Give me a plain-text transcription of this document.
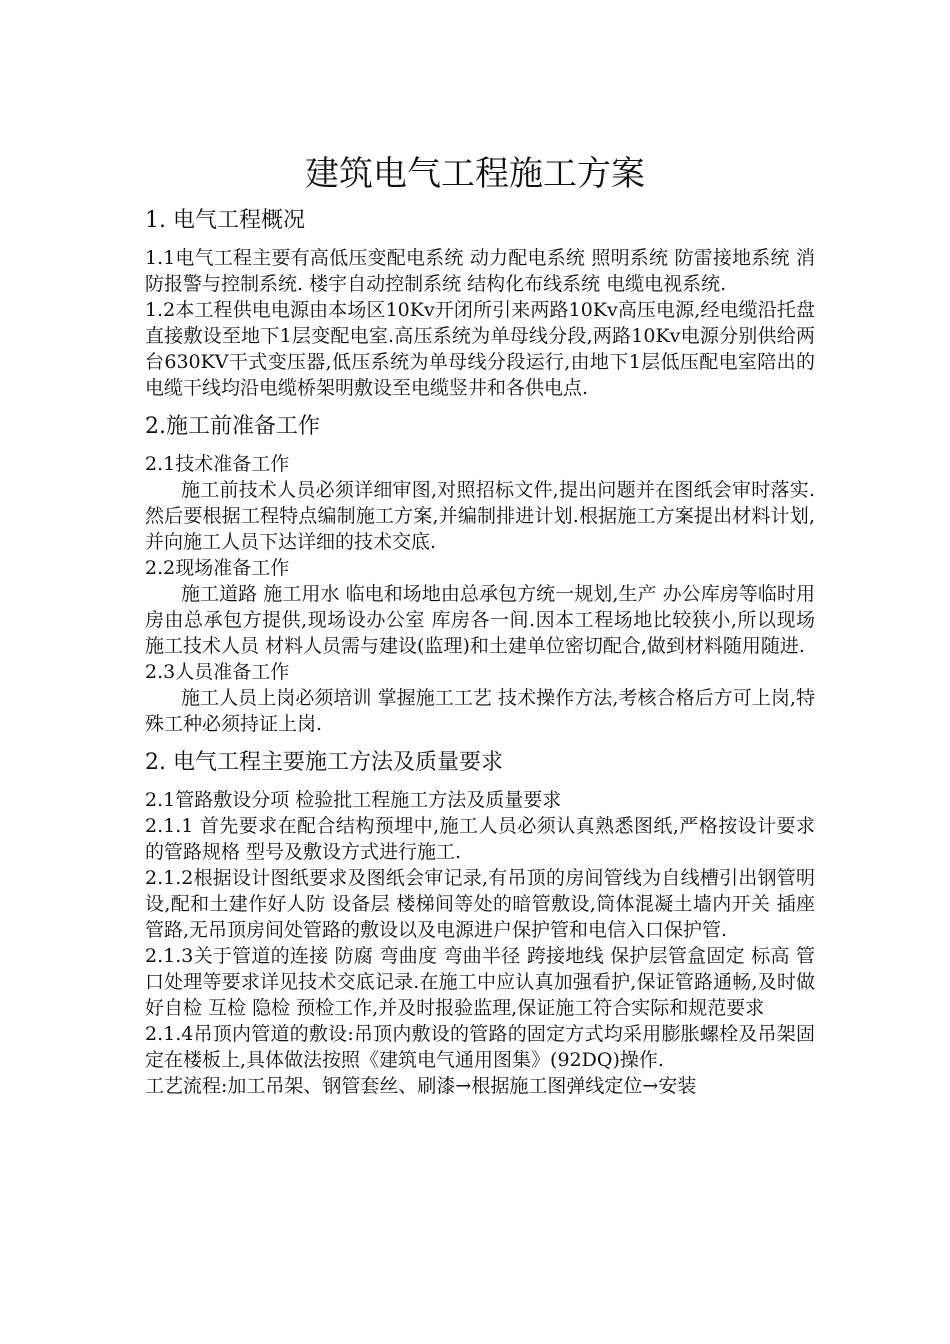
建筑电气工程施工方案
1. 电气工程概况

1.1电气工程主要有高低压变配电系统 动力配电系统 照明系统 防雷接地系统 消防报警与控制系统. 楼宇自动控制系统 结构化布线系统 电缆电视系统.

1.2本工程供电电源由本场区10Kv开闭所引来两路10Kv高压电源,经电缆沿托盘直接敷设至地下1层变配电室.高压系统为单母线分段,两路10Kv电源分别供给两台630KV干式变压器,低压系统为单母线分段运行,由地下1层低压配电室陪出的电缆干线均沿电缆桥架明敷设至电缆竖井和各供电点.

2.施工前准备工作

2.1技术准备工作

施工前技术人员必须详细审图,对照招标文件,提出问题并在图纸会审时落实.然后要根据工程特点编制施工方案,并编制排进计划.根据施工方案提出材料计划,并向施工人员下达详细的技术交底.

2.2现场准备工作

施工道路 施工用水 临电和场地由总承包方统一规划,生产 办公库房等临时用房由总承包方提供,现场设办公室 库房各一间.因本工程场地比较狭小,所以现场施工技术人员 材料人员需与建设(监理)和土建单位密切配合,做到材料随用随进.

2.3人员准备工作

施工人员上岗必须培训 掌握施工工艺 技术操作方法,考核合格后方可上岗,特殊工种必须持证上岗.

2. 电气工程主要施工方法及质量要求

2.1管路敷设分项 检验批工程施工方法及质量要求

2.1.1 首先要求在配合结构预埋中,施工人员必须认真熟悉图纸,严格按设计要求的管路规格 型号及敷设方式进行施工.

2.1.2根据设计图纸要求及图纸会审记录,有吊顶的房间管线为自线槽引出钢管明设,配和土建作好人防 设备层 楼梯间等处的暗管敷设,筒体混凝土墙内开关 插座管路,无吊顶房间处管路的敷设以及电源进户保护管和电信入口保护管.

2.1.3关于管道的连接 防腐 弯曲度 弯曲半径 跨接地线 保护层管盒固定 标高 管口处理等要求详见技术交底记录.在施工中应认真加强看护,保证管路通畅,及时做好自检 互检 隐检 预检工作,并及时报验监理,保证施工符合实际和规范要求

2.1.4吊顶内管道的敷设:吊顶内敷设的管路的固定方式均采用膨胀螺栓及吊架固定在楼板上,具体做法按照《建筑电气通用图集》(92DQ)操作.

工艺流程:加工吊架、钢管套丝、刷漆→根据施工图弹线定位→安装
